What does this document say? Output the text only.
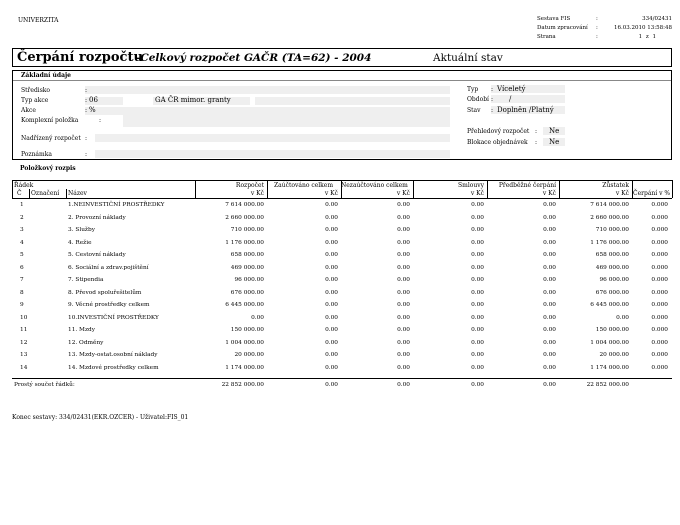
UNIVERZITA	Sestava FIS	:	334/02431
Datum zpracování :	16.03.2010 13:58:48
Strana	:	1 z 1
Čerpání rozpočtu
-Celkový rozpočet GAČR (TA=62) - 2004	Aktuální stav
Základní údaje
Středisko	:
Typ akce	: 06	GA ČR mimor. granty
Akce	: %
Komplexní položka	:
Nadřízený rozpočet :
Poznámka	:
Typ : Víceletý
Období : /
Stav : Doplněn /Platný
Přehledový rozpočet : Ne
Blokace objednávek : Ne
Položkový rozpis
Řádek
Č Označení Název
Rozpočet
v Kč
Zaúčtováno celkem
v Kč
Nezaúčtováno celkem
v Kč
Smlouvy
v Kč
Předběžné čerpání
v Kč
Zůstatek
v Kč Čerpání v %
1	1.NEINVESTIČNÍ PROSTŘEDKY	7 614 000.00	0.00	0.00	0.00	0.00	7 614 000.00	0.000
2	2. Provozní náklady	2 660 000.00	0.00	0.00	0.00	0.00	2 660 000.00	0.000
3	3. Služby	710 000.00	0.00	0.00	0.00	0.00	710 000.00	0.000
4	4. Režie	1 176 000.00	0.00	0.00	0.00	0.00	1 176 000.00	0.000
5	5. Cestovní náklady	658 000.00	0.00	0.00	0.00	0.00	658 000.00	0.000
6	6. Sociální a zdrav.pojištění	469 000.00	0.00	0.00	0.00	0.00	469 000.00	0.000
7	7. Stipendia	96 000.00	0.00	0.00	0.00	0.00	96 000.00	0.000
8	8. Převod spoluřešitelům	676 000.00	0.00	0.00	0.00	0.00	676 000.00	0.000
9	9. Věcné prostředky celkem	6 445 000.00	0.00	0.00	0.00	0.00	6 445 000.00	0.000
10	10.INVESTIČNÍ PROSTŘEDKY	0.00	0.00	0.00	0.00	0.00	0.00	0.000
11	11. Mzdy	150 000.00	0.00	0.00	0.00	0.00	150 000.00	0.000
12	12. Odměny	1 004 000.00	0.00	0.00	0.00	0.00	1 004 000.00	0.000
13	13. Mzdy-ostat.osobní náklady	20 000.00	0.00	0.00	0.00	0.00	20 000.00	0.000
14	14. Mzdové prostředky celkem	1 174 000.00	0.00	0.00	0.00	0.00	1 174 000.00	0.000
Prostý součet řádků:	22 852 000.00	0.00	0.00	0.00	0.00	22 852 000.00
Konec sestavy: 334/02431(EKR.OZCER) - Uživatel:FIS_01
